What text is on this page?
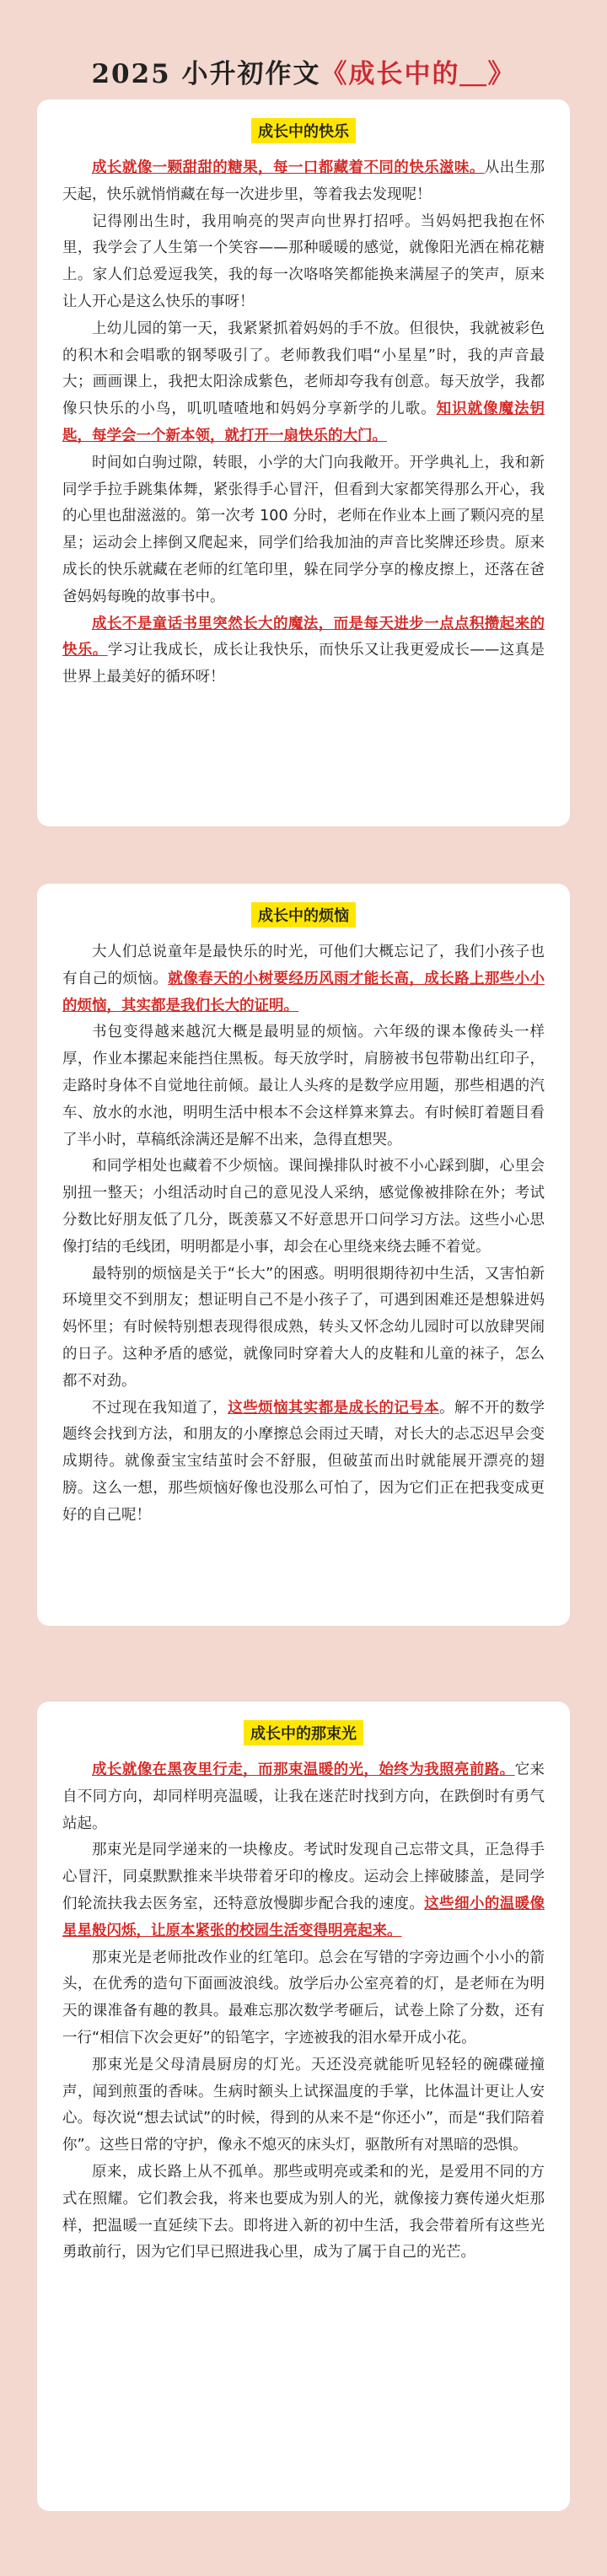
2025 小升初作文《成长中的＿》
成长中的快乐

成长就像一颗甜甜的糖果，每一口都藏着不同的快乐滋味。从出生那天起，快乐就悄悄藏在每一次进步里，等着我去发现呢！

记得刚出生时，我用响亮的哭声向世界打招呼。当妈妈把我抱在怀里，我学会了人生第一个笑容——那种暖暖的感觉，就像阳光洒在棉花糖上。家人们总爱逗我笑，我的每一次咯咯笑都能换来满屋子的笑声，原来让人开心是这么快乐的事呀！

上幼儿园的第一天，我紧紧抓着妈妈的手不放。但很快，我就被彩色的积木和会唱歌的钢琴吸引了。老师教我们唱“小星星”时，我的声音最大；画画课上，我把太阳涂成紫色，老师却夸我有创意。每天放学，我都像只快乐的小鸟，叽叽喳喳地和妈妈分享新学的儿歌。知识就像魔法钥匙，每学会一个新本领，就打开一扇快乐的大门。

时间如白驹过隙，转眼，小学的大门向我敞开。开学典礼上，我和新同学手拉手跳集体舞，紧张得手心冒汗，但看到大家都笑得那么开心，我的心里也甜滋滋的。第一次考 100 分时，老师在作业本上画了颗闪亮的星星；运动会上摔倒又爬起来，同学们给我加油的声音比奖牌还珍贵。原来成长的快乐就藏在老师的红笔印里，躲在同学分享的橡皮擦上，还落在爸爸妈妈每晚的故事书中。

成长不是童话书里突然长大的魔法，而是每天进步一点点积攒起来的快乐。学习让我成长，成长让我快乐，而快乐又让我更爱成长——这真是世界上最美好的循环呀！

成长中的烦恼

大人们总说童年是最快乐的时光，可他们大概忘记了，我们小孩子也有自己的烦恼。就像春天的小树要经历风雨才能长高，成长路上那些小小的烦恼，其实都是我们长大的证明。

书包变得越来越沉大概是最明显的烦恼。六年级的课本像砖头一样厚，作业本摞起来能挡住黑板。每天放学时，肩膀被书包带勒出红印子，走路时身体不自觉地往前倾。最让人头疼的是数学应用题，那些相遇的汽车、放水的水池，明明生活中根本不会这样算来算去。有时候盯着题目看了半小时，草稿纸涂满还是解不出来，急得直想哭。

和同学相处也藏着不少烦恼。课间操排队时被不小心踩到脚，心里会别扭一整天；小组活动时自己的意见没人采纳，感觉像被排除在外；考试分数比好朋友低了几分，既羡慕又不好意思开口问学习方法。这些小心思像打结的毛线团，明明都是小事，却会在心里绕来绕去睡不着觉。

最特别的烦恼是关于“长大”的困惑。明明很期待初中生活，又害怕新环境里交不到朋友；想证明自己不是小孩子了，可遇到困难还是想躲进妈妈怀里；有时候特别想表现得很成熟，转头又怀念幼儿园时可以放肆哭闹的日子。这种矛盾的感觉，就像同时穿着大人的皮鞋和儿童的袜子，怎么都不对劲。

不过现在我知道了，这些烦恼其实都是成长的记号本。解不开的数学题终会找到方法，和朋友的小摩擦总会雨过天晴，对长大的忐忑迟早会变成期待。就像蚕宝宝结茧时会不舒服，但破茧而出时就能展开漂亮的翅膀。这么一想，那些烦恼好像也没那么可怕了，因为它们正在把我变成更好的自己呢！

成长中的那束光

成长就像在黑夜里行走，而那束温暖的光，始终为我照亮前路。它来自不同方向，却同样明亮温暖，让我在迷茫时找到方向，在跌倒时有勇气站起。

那束光是同学递来的一块橡皮。考试时发现自己忘带文具，正急得手心冒汗，同桌默默推来半块带着牙印的橡皮。运动会上摔破膝盖，是同学们轮流扶我去医务室，还特意放慢脚步配合我的速度。这些细小的温暖像星星般闪烁，让原本紧张的校园生活变得明亮起来。

那束光是老师批改作业的红笔印。总会在写错的字旁边画个小小的箭头，在优秀的造句下面画波浪线。放学后办公室亮着的灯，是老师在为明天的课准备有趣的教具。最难忘那次数学考砸后，试卷上除了分数，还有一行“相信下次会更好”的铅笔字，字迹被我的泪水晕开成小花。

那束光是父母清晨厨房的灯光。天还没亮就能听见轻轻的碗碟碰撞声，闻到煎蛋的香味。生病时额头上试探温度的手掌，比体温计更让人安心。每次说“想去试试”的时候，得到的从来不是“你还小”，而是“我们陪着你”。这些日常的守护，像永不熄灭的床头灯，驱散所有对黑暗的恐惧。

原来，成长路上从不孤单。那些或明亮或柔和的光，是爱用不同的方式在照耀。它们教会我，将来也要成为别人的光，就像接力赛传递火炬那样，把温暖一直延续下去。即将进入新的初中生活，我会带着所有这些光勇敢前行，因为它们早已照进我心里，成为了属于自己的光芒。
